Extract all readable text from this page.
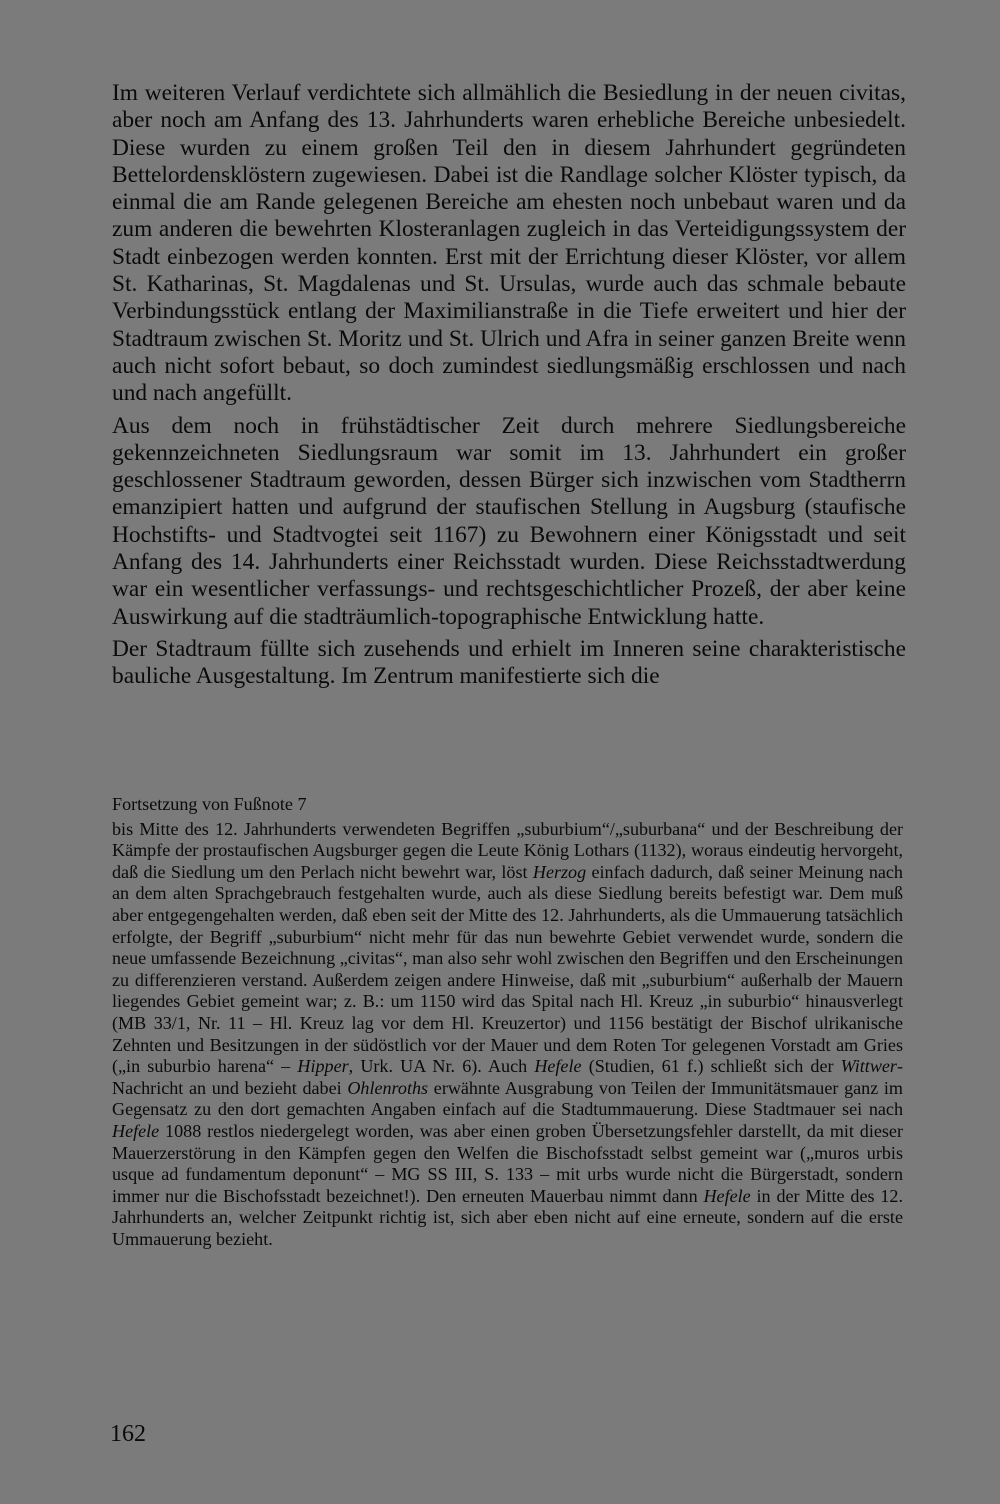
Im weiteren Verlauf verdichtete sich allmählich die Besiedlung in der neuen civitas, aber noch am Anfang des 13. Jahrhunderts waren erhebliche Bereiche unbesiedelt. Diese wurden zu einem großen Teil den in diesem Jahrhundert gegründeten Bettelordensklöstern zugewiesen. Dabei ist die Randlage solcher Klöster typisch, da einmal die am Rande gelegenen Bereiche am ehesten noch unbebaut waren und da zum anderen die bewehrten Klosteranlagen zugleich in das Verteidigungssystem der Stadt einbezogen werden konnten. Erst mit der Errichtung dieser Klöster, vor allem St. Katharinas, St. Magdalenas und St. Ursulas, wurde auch das schmale bebaute Verbindungsstück entlang der Maximilianstraße in die Tiefe erweitert und hier der Stadtraum zwischen St. Moritz und St. Ulrich und Afra in seiner ganzen Breite wenn auch nicht sofort bebaut, so doch zumindest siedlungsmäßig erschlossen und nach und nach angefüllt.

Aus dem noch in frühstädtischer Zeit durch mehrere Siedlungsbereiche gekennzeichneten Siedlungsraum war somit im 13. Jahrhundert ein großer geschlossener Stadtraum geworden, dessen Bürger sich inzwischen vom Stadtherrn emanzipiert hatten und aufgrund der staufischen Stellung in Augsburg (staufische Hochstifts- und Stadtvogtei seit 1167) zu Bewohnern einer Königsstadt und seit Anfang des 14. Jahrhunderts einer Reichsstadt wurden. Diese Reichsstadtwerdung war ein wesentlicher verfassungs- und rechtsgeschichtlicher Prozeß, der aber keine Auswirkung auf die stadträumlich-topographische Entwicklung hatte.

Der Stadtraum füllte sich zusehends und erhielt im Inneren seine charakteristische bauliche Ausgestaltung. Im Zentrum manifestierte sich die

Fortsetzung von Fußnote 7

bis Mitte des 12. Jahrhunderts verwendeten Begriffen „suburbium“/„suburbana“ und der Beschreibung der Kämpfe der prostaufischen Augsburger gegen die Leute König Lothars (1132), woraus eindeutig hervorgeht, daß die Siedlung um den Perlach nicht bewehrt war, löst Herzog einfach dadurch, daß seiner Meinung nach an dem alten Sprachgebrauch festgehalten wurde, auch als diese Siedlung bereits befestigt war. Dem muß aber entgegengehalten werden, daß eben seit der Mitte des 12. Jahrhunderts, als die Ummauerung tatsächlich erfolgte, der Begriff „suburbium“ nicht mehr für das nun bewehrte Gebiet verwendet wurde, sondern die neue umfassende Bezeichnung „civitas“, man also sehr wohl zwischen den Begriffen und den Erscheinungen zu differenzieren verstand. Außerdem zeigen andere Hinweise, daß mit „suburbium“ außerhalb der Mauern liegendes Gebiet gemeint war; z. B.: um 1150 wird das Spital nach Hl. Kreuz „in suburbio“ hinausverlegt (MB 33/1, Nr. 11 – Hl. Kreuz lag vor dem Hl. Kreuzertor) und 1156 bestätigt der Bischof ulrikanische Zehnten und Besitzungen in der südöstlich vor der Mauer und dem Roten Tor gelegenen Vorstadt am Gries („in suburbio harena“ – Hipper, Urk. UA Nr. 6). Auch Hefele (Studien, 61 f.) schließt sich der Wittwer-Nachricht an und bezieht dabei Ohlenroths erwähnte Ausgrabung von Teilen der Immunitätsmauer ganz im Gegensatz zu den dort gemachten Angaben einfach auf die Stadtummauerung. Diese Stadtmauer sei nach Hefele 1088 restlos niedergelegt worden, was aber einen groben Übersetzungsfehler darstellt, da mit dieser Mauerzerstörung in den Kämpfen gegen den Welfen die Bischofsstadt selbst gemeint war („muros urbis usque ad fundamentum deponunt“ – MG SS III, S. 133 – mit urbs wurde nicht die Bürgerstadt, sondern immer nur die Bischofsstadt bezeichnet!). Den erneuten Mauerbau nimmt dann Hefele in der Mitte des 12. Jahrhunderts an, welcher Zeitpunkt richtig ist, sich aber eben nicht auf eine erneute, sondern auf die erste Ummauerung bezieht.

162
